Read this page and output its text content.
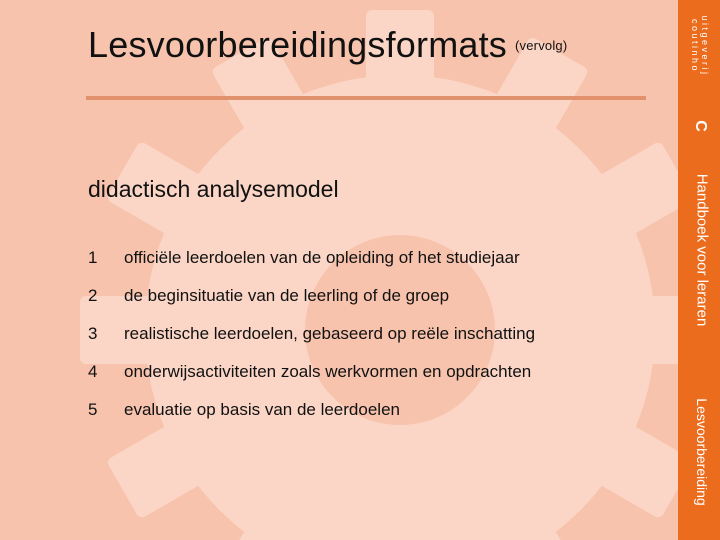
Lesvoorbereidingsformats (vervolg)
didactisch analysemodel
1	officiële leerdoelen van de opleiding of het studiejaar
2	de beginsituatie van de leerling of de groep
3	realistische leerdoelen, gebaseerd op reële inschatting
4	onderwijsactiviteiten zoals werkvormen en opdrachten
5	evaluatie op basis van de leerdoelen
uitgeverij
coutinho
C
Handboek voor leraren
Lesvoorbereiding
